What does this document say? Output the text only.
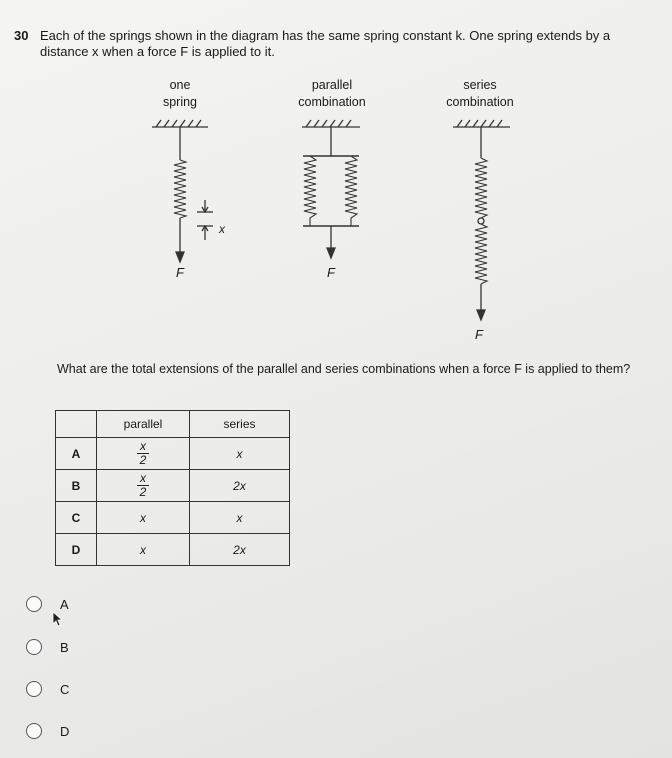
30 Each of the springs shown in the diagram has the same spring constant k. One spring extends by a distance x when a force F is applied to it.
one
spring
parallel
combination
series
combination
F
x
F
F
What are the total extensions of the parallel and series combinations when a force F is applied to them?
	parallel	series
A	$\frac{x}{2}$	x
B	$\frac{x}{2}$	2x
C	x	x
D	x	2x
A
B
C
D
